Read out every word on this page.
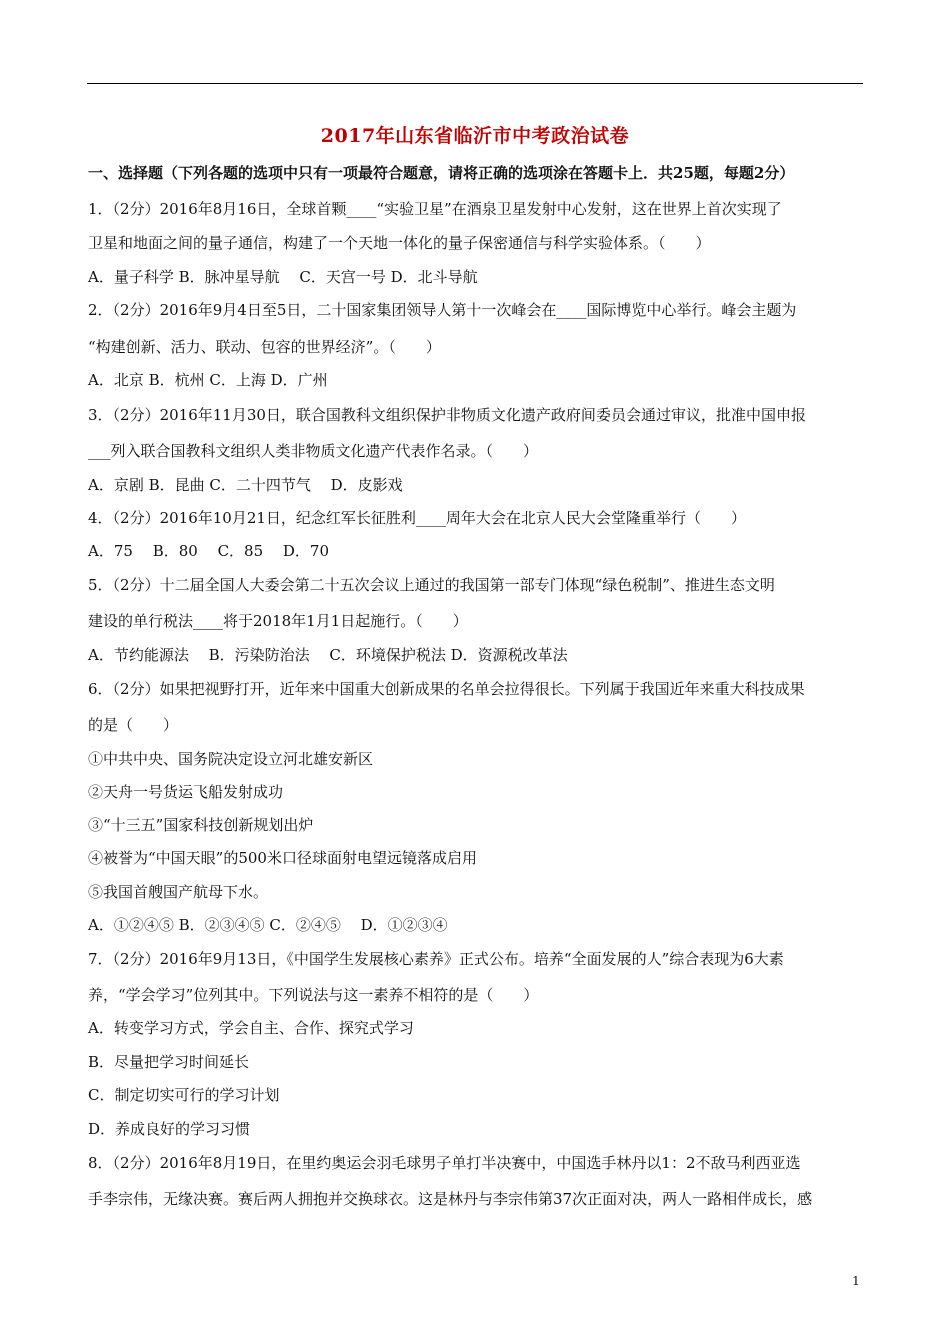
2017年山东省临沂市中考政治试卷
一、选择题（下列各题的选项中只有一项最符合题意，请将正确的选项涂在答题卡上．共25题，每题2分）
1．（2分）2016年8月16日，全球首颗____“实验卫星”在酒泉卫星发射中心发射，这在世界上首次实现了
卫星和地面之间的量子通信，构建了一个天地一体化的量子保密通信与科学实验体系。（　　）
A．量子科学 B．脉冲星导航　 C．天宫一号 D．北斗导航
2．（2分）2016年9月4日至5日，二十国家集团领导人第十一次峰会在____国际博览中心举行。峰会主题为
“构建创新、活力、联动、包容的世界经济”。（　　）
A．北京 B．杭州 C．上海 D．广州
3．（2分）2016年11月30日，联合国教科文组织保护非物质文化遗产政府间委员会通过审议，批准中国申报
___列入联合国教科文组织人类非物质文化遗产代表作名录。（　　）
A．京剧 B．昆曲 C．二十四节气　 D．皮影戏
4．（2分）2016年10月21日，纪念红军长征胜利____周年大会在北京人民大会堂隆重举行（　　）
A．75　 B．80　 C．85　 D．70
5．（2分）十二届全国人大委会第二十五次会议上通过的我国第一部专门体现“绿色税制”、推进生态文明
建设的单行税法____将于2018年1月1日起施行。（　　）
A．节约能源法　 B．污染防治法　 C．环境保护税法 D．资源税改革法
6．（2分）如果把视野打开，近年来中国重大创新成果的名单会拉得很长。下列属于我国近年来重大科技成果
的是（　　）
①中共中央、国务院决定设立河北雄安新区
②天舟一号货运飞船发射成功
③“十三五”国家科技创新规划出炉
④被誉为“中国天眼”的500米口径球面射电望远镜落成启用
⑤我国首艘国产航母下水。
A．①②④⑤ B．②③④⑤ C．②④⑤　 D．①②③④
7．（2分）2016年9月13日，《中国学生发展核心素养》正式公布。培养“全面发展的人”综合表现为6大素
养，“学会学习”位列其中。下列说法与这一素养不相符的是（　　）
A．转变学习方式，学会自主、合作、探究式学习
B．尽量把学习时间延长
C．制定切实可行的学习计划
D．养成良好的学习习惯
8．（2分）2016年8月19日，在里约奥运会羽毛球男子单打半决赛中，中国选手林丹以1：2不敌马利西亚选
手李宗伟，无缘决赛。赛后两人拥抱并交换球衣。这是林丹与李宗伟第37次正面对决，两人一路相伴成长，感
1
